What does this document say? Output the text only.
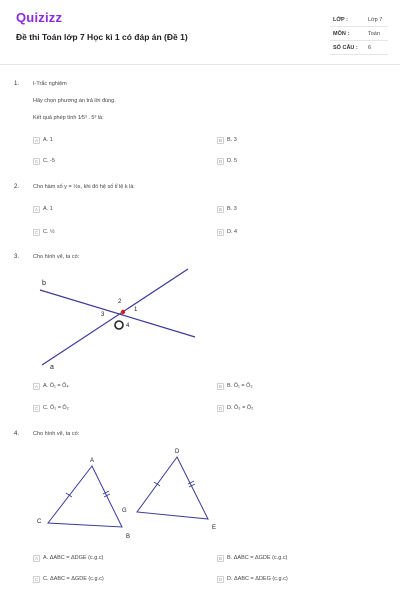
Quizizz
Đề thi Toán lớp 7 Học kì 1 có đáp án (Đề 1)
LỚP :	Lớp 7
MÔN :	Toán
SỐ CÂU : 6
1.	I-Trắc nghiệm
Hãy chọn phương án trả lời đúng.
Kết quả phép tính 1⁄5³ . 5³ là:
A A. 1	B B. 3
C C. -5	D D. 5
2.	Cho hàm số y = ½x, khi đó hệ số tỉ lệ k là:
A A. 1	B B. 3
C C. ½	D D. 4
3.	Cho hình vẽ, ta có:
b
a
1
2
3
4
A A. Ô₁ = Ô₄	B B. Ô₁ = Ô₃
C C. Ô₁ = Ô₂	D D. Ô₃ = Ô₂
4.	Cho hình vẽ, ta có:
A
B
C
D
E
G
A A. ΔABC = ΔDGE (c.g.c)	B B. ΔABC = ΔGDE (c.g.c)
C C. ΔABC = ΔGDE (c.g.c)	D D. ΔABC = ΔDEG (c.g.c)
